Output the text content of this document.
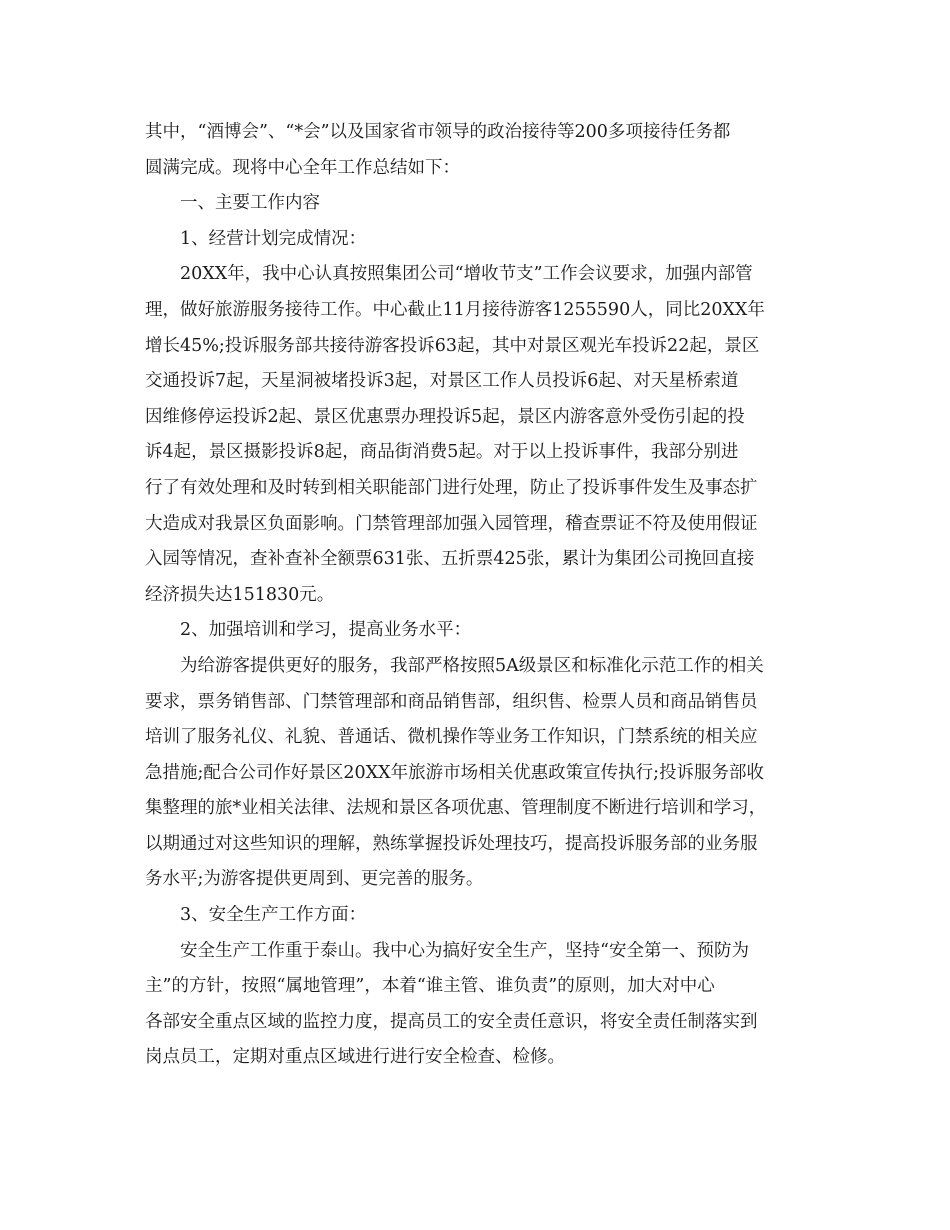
其中，“酒博会”、“*会”以及国家省市领导的政治接待等200多项接待任务都
圆满完成。现将中心全年工作总结如下：
一、主要工作内容
1、经营计划完成情况：
20XX年，我中心认真按照集团公司“增收节支”工作会议要求，加强内部管
理，做好旅游服务接待工作。中心截止11月接待游客1255590人，同比20XX年
增长45%;投诉服务部共接待游客投诉63起，其中对景区观光车投诉22起，景区
交通投诉7起，天星洞被堵投诉3起，对景区工作人员投诉6起、对天星桥索道
因维修停运投诉2起、景区优惠票办理投诉5起，景区内游客意外受伤引起的投
诉4起，景区摄影投诉8起，商品街消费5起。对于以上投诉事件，我部分别进
行了有效处理和及时转到相关职能部门进行处理，防止了投诉事件发生及事态扩
大造成对我景区负面影响。门禁管理部加强入园管理，稽查票证不符及使用假证
入园等情况，查补查补全额票631张、五折票425张，累计为集团公司挽回直接
经济损失达151830元。
2、加强培训和学习，提高业务水平：
为给游客提供更好的服务，我部严格按照5A级景区和标准化示范工作的相关
要求，票务销售部、门禁管理部和商品销售部，组织售、检票人员和商品销售员
培训了服务礼仪、礼貌、普通话、微机操作等业务工作知识，门禁系统的相关应
急措施;配合公司作好景区20XX年旅游市场相关优惠政策宣传执行;投诉服务部收
集整理的旅*业相关法律、法规和景区各项优惠、管理制度不断进行培训和学习，
以期通过对这些知识的理解，熟练掌握投诉处理技巧，提高投诉服务部的业务服
务水平;为游客提供更周到、更完善的服务。
3、安全生产工作方面：
安全生产工作重于泰山。我中心为搞好安全生产，坚持“安全第一、预防为
主”的方针，按照“属地管理”，本着“谁主管、谁负责”的原则，加大对中心
各部安全重点区域的监控力度，提高员工的安全责任意识，将安全责任制落实到
岗点员工，定期对重点区域进行进行安全检查、检修。
